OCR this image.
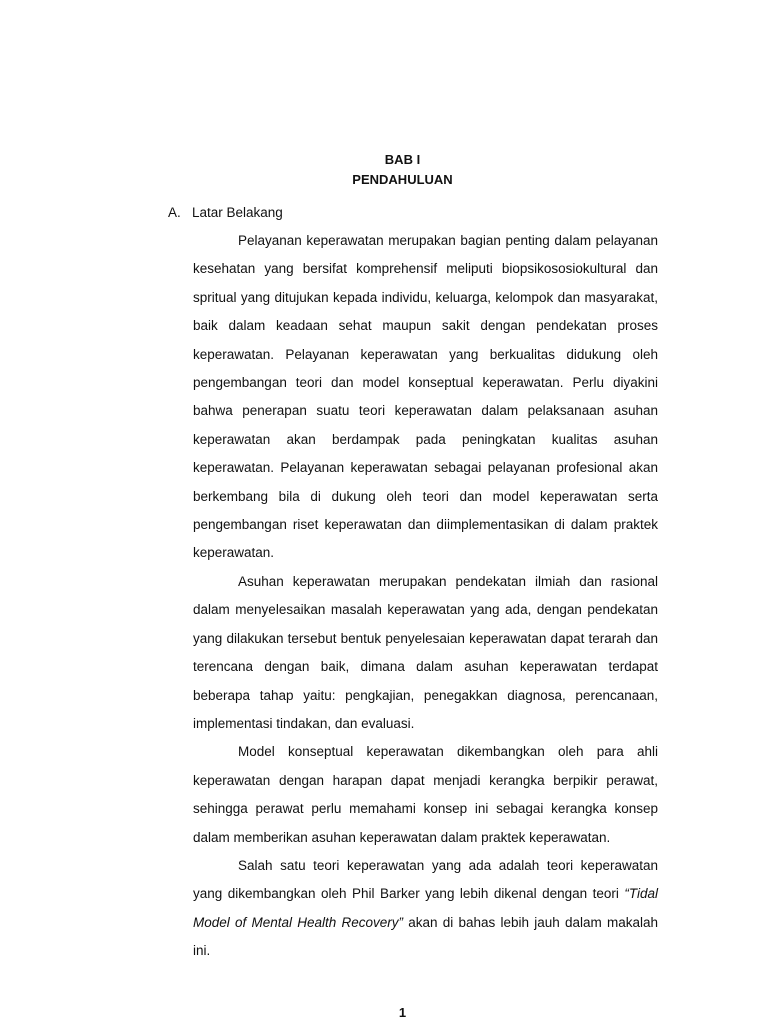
BAB I
PENDAHULUAN
A. Latar Belakang

Pelayanan keperawatan merupakan bagian penting dalam pelayanan kesehatan yang bersifat komprehensif meliputi biopsikososiokultural dan spritual yang ditujukan kepada individu, keluarga, kelompok dan masyarakat, baik dalam keadaan sehat maupun sakit dengan pendekatan proses keperawatan. Pelayanan keperawatan yang berkualitas didukung oleh pengembangan teori dan model konseptual keperawatan. Perlu diyakini bahwa penerapan suatu teori keperawatan dalam pelaksanaan asuhan keperawatan akan berdampak pada peningkatan kualitas asuhan keperawatan. Pelayanan keperawatan sebagai pelayanan profesional akan berkembang bila di dukung oleh teori dan model keperawatan serta pengembangan riset keperawatan dan diimplementasikan di dalam praktek keperawatan.

Asuhan keperawatan merupakan pendekatan ilmiah dan rasional dalam menyelesaikan masalah keperawatan yang ada, dengan pendekatan yang dilakukan tersebut bentuk penyelesaian keperawatan dapat terarah dan terencana dengan baik, dimana dalam asuhan keperawatan terdapat beberapa tahap yaitu: pengkajian, penegakkan diagnosa, perencanaan, implementasi tindakan, dan evaluasi.

Model konseptual keperawatan dikembangkan oleh para ahli keperawatan dengan harapan dapat menjadi kerangka berpikir perawat, sehingga perawat perlu memahami konsep ini sebagai kerangka konsep dalam memberikan asuhan keperawatan dalam praktek keperawatan.

Salah satu teori keperawatan yang ada adalah teori keperawatan yang dikembangkan oleh Phil Barker yang lebih dikenal dengan teori “Tidal Model of Mental Health Recovery” akan di bahas lebih jauh dalam makalah ini.

1
